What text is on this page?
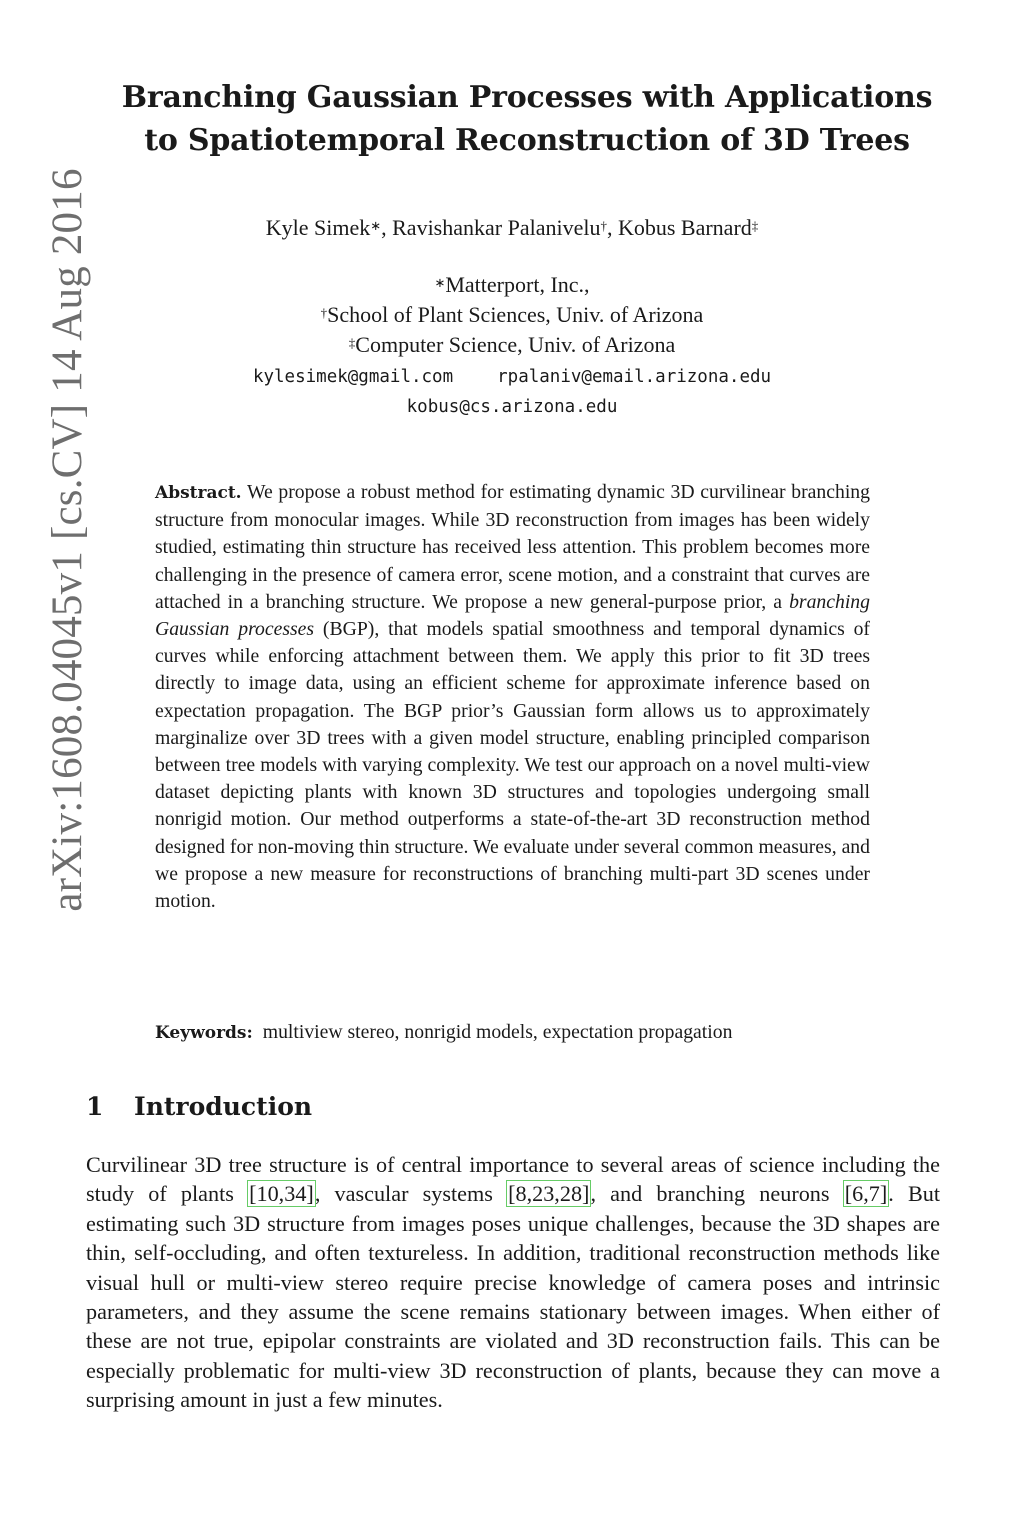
arXiv:1608.04045v1 [cs.CV] 14 Aug 2016
Branching Gaussian Processes with Applications
to Spatiotemporal Reconstruction of 3D Trees
Kyle Simek∗, Ravishankar Palanivelu†, Kobus Barnard‡
∗Matterport, Inc.,
†School of Plant Sciences, Univ. of Arizona
‡Computer Science, Univ. of Arizona
kylesimek@gmail.com	rpalaniv@email.arizona.edu
kobus@cs.arizona.edu
Abstract. We propose a robust method for estimating dynamic 3D curvilinear branching structure from monocular images. While 3D reconstruction from images has been widely studied, estimating thin structure has received less attention. This problem becomes more challenging in the presence of camera error, scene motion, and a constraint that curves are attached in a branching structure. We propose a new general-purpose prior, a branching Gaussian processes (BGP), that models spatial smoothness and temporal dynamics of curves while enforcing attachment between them. We apply this prior to fit 3D trees directly to image data, using an efficient scheme for approximate inference based on expectation propagation. The BGP prior’s Gaussian form allows us to approximately marginalize over 3D trees with a given model structure, enabling principled comparison between tree models with varying complexity. We test our approach on a novel multi-view dataset depicting plants with known 3D structures and topologies undergoing small nonrigid motion. Our method outperforms a state-of-the-art 3D reconstruction method designed for non-moving thin structure. We evaluate under several common measures, and we propose a new measure for reconstructions of branching multi-part 3D scenes under motion.
Keywords: multiview stereo, nonrigid models, expectation propagation
1 Introduction
Curvilinear 3D tree structure is of central importance to several areas of science including the study of plants [10,34], vascular systems [8,23,28], and branching neurons [6,7]. But estimating such 3D structure from images poses unique challenges, because the 3D shapes are thin, self-occluding, and often textureless. In addition, traditional reconstruction methods like visual hull or multi-view stereo require precise knowledge of camera poses and intrinsic parameters, and they assume the scene remains stationary between images. When either of these are not true, epipolar constraints are violated and 3D reconstruction fails. This can be especially problematic for multi-view 3D reconstruction of plants, because they can move a surprising amount in just a few minutes.
